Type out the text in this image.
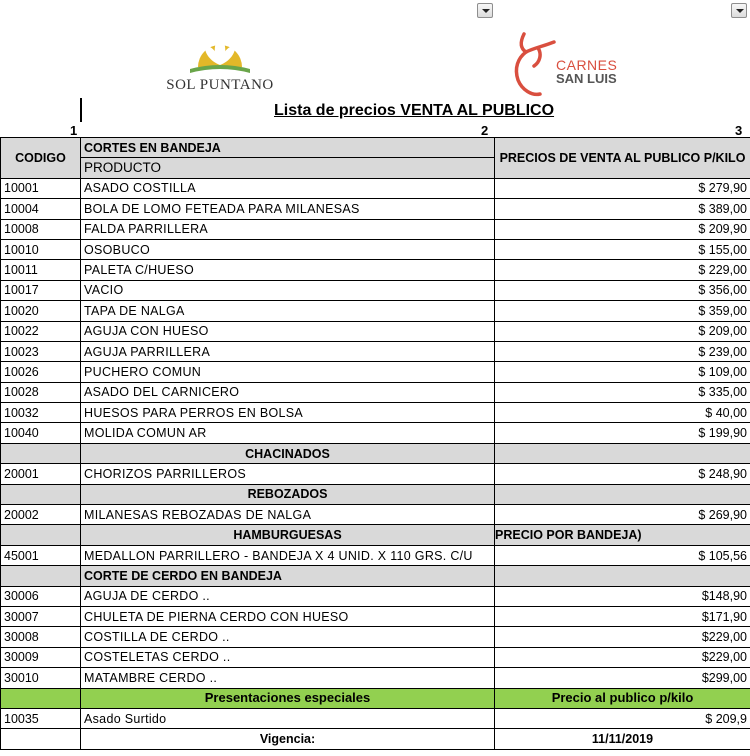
SOL PUNTANO
CARNES
SAN LUIS
Lista de precios VENTA AL PUBLICO
1	2	3
CODIGO	CORTES EN BANDEJA	PRECIOS DE VENTA AL PUBLICO P/KILO
	PRODUCTO	
10001	ASADO COSTILLA	$ 279,90
10004	BOLA DE LOMO FETEADA PARA MILANESAS	$ 389,00
10008	FALDA PARRILLERA	$ 209,90
10010	OSOBUCO	$ 155,00
10011	PALETA C/HUESO	$ 229,00
10017	VACIO	$ 356,00
10020	TAPA DE NALGA	$ 359,00
10022	AGUJA CON HUESO	$ 209,00
10023	AGUJA PARRILLERA	$ 239,00
10026	PUCHERO COMUN	$ 109,00
10028	ASADO DEL CARNICERO	$ 335,00
10032	HUESOS PARA PERROS EN BOLSA	$ 40,00
10040	MOLIDA COMUN AR	$ 199,90
	CHACINADOS	
20001	CHORIZOS PARRILLEROS	$ 248,90
	REBOZADOS	
20002	MILANESAS REBOZADAS DE NALGA	$ 269,90
	HAMBURGUESAS	PRECIO POR BANDEJA)
45001	MEDALLON PARRILLERO - BANDEJA X 4 UNID. X 110 GRS. C/U	$ 105,56
	CORTE DE CERDO EN BANDEJA	
30006	AGUJA DE CERDO ..	$148,90
30007	CHULETA DE PIERNA CERDO CON HUESO	$171,90
30008	COSTILLA DE CERDO ..	$229,00
30009	COSTELETAS CERDO ..	$229,00
30010	MATAMBRE CERDO ..	$299,00
	Presentaciones especiales	Precio al publico p/kilo
10035	Asado Surtido	$ 209,9
	Vigencia:	11/11/2019
